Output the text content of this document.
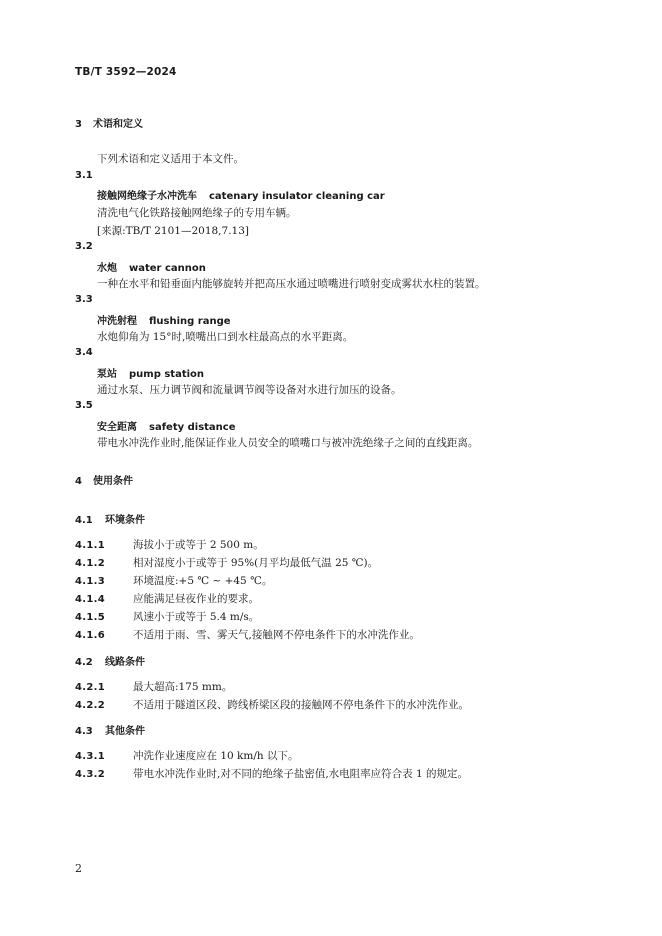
TB/T 3592—2024
3 术语和定义
下列术语和定义适用于本文件。
3.1
接触网绝缘子水冲洗车 catenary insulator cleaning car
清洗电气化铁路接触网绝缘子的专用车辆。
[来源:TB/T 2101—2018,7.13]
3.2
水炮 water cannon
一种在水平和铅垂面内能够旋转并把高压水通过喷嘴进行喷射变成雾状水柱的装置。
3.3
冲洗射程 flushing range
水炮仰角为 15°时,喷嘴出口到水柱最高点的水平距离。
3.4
泵站 pump station
通过水泵、压力调节阀和流量调节阀等设备对水进行加压的设备。
3.5
安全距离 safety distance
带电水冲洗作业时,能保证作业人员安全的喷嘴口与被冲洗绝缘子之间的直线距离。
4 使用条件
4.1 环境条件
4.1.1	海拔小于或等于 2 500 m。
4.1.2	相对湿度小于或等于 95%(月平均最低气温 25 ℃)。
4.1.3	环境温度:+5 ℃ ~ +45 ℃。
4.1.4	应能满足昼夜作业的要求。
4.1.5	风速小于或等于 5.4 m/s。
4.1.6	不适用于雨、雪、雾天气,接触网不停电条件下的水冲洗作业。
4.2 线路条件
4.2.1	最大超高:175 mm。
4.2.2	不适用于隧道区段、跨线桥梁区段的接触网不停电条件下的水冲洗作业。
4.3 其他条件
4.3.1	冲洗作业速度应在 10 km/h 以下。
4.3.2	带电水冲洗作业时,对不同的绝缘子盐密值,水电阻率应符合表 1 的规定。
2
